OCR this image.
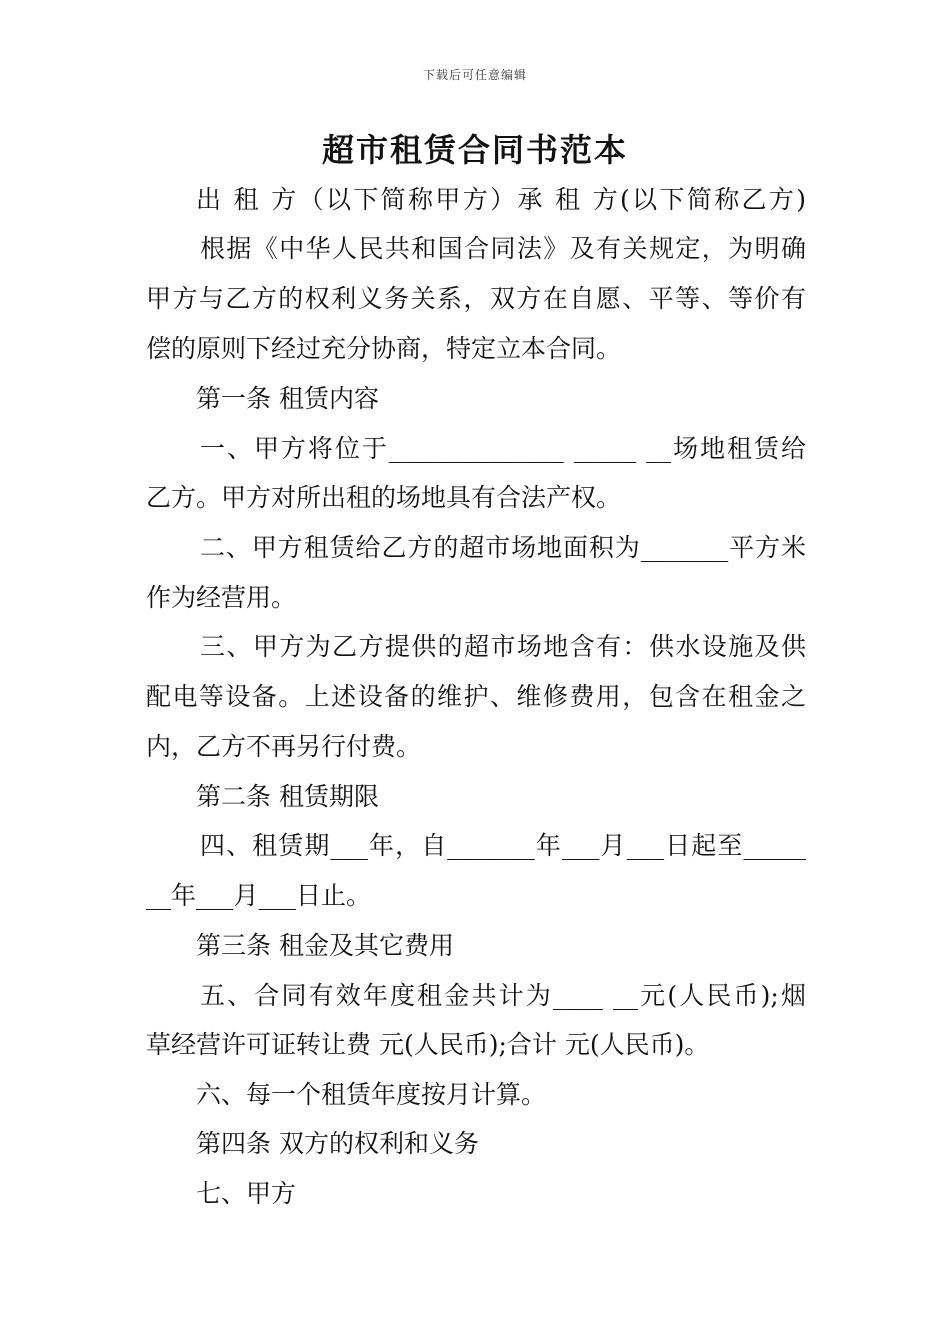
下载后可任意编辑
超市租赁合同书范本
出 租 方（以下简称甲方）承 租 方(以下简称乙方)
根据《中华人民共和国合同法》及有关规定，为明确
甲方与乙方的权利义务关系，双方在自愿、平等、等价有
偿的原则下经过充分协商，特定立本合同。
第一条 租赁内容
一、甲方将位于______________ _____ __场地租赁给
乙方。甲方对所出租的场地具有合法产权。
二、甲方租赁给乙方的超市场地面积为_______平方米
作为经营用。
三、甲方为乙方提供的超市场地含有：供水设施及供
配电等设备。上述设备的维护、维修费用，包含在租金之
内，乙方不再另行付费。
第二条 租赁期限
四、租赁期___年，自_______年___月___日起至_____
__年___月___日止。
第三条 租金及其它费用
五、合同有效年度租金共计为____ __元(人民币);烟
草经营许可证转让费 元(人民币);合计 元(人民币)。
六、每一个租赁年度按月计算。
第四条 双方的权利和义务
七、甲方
